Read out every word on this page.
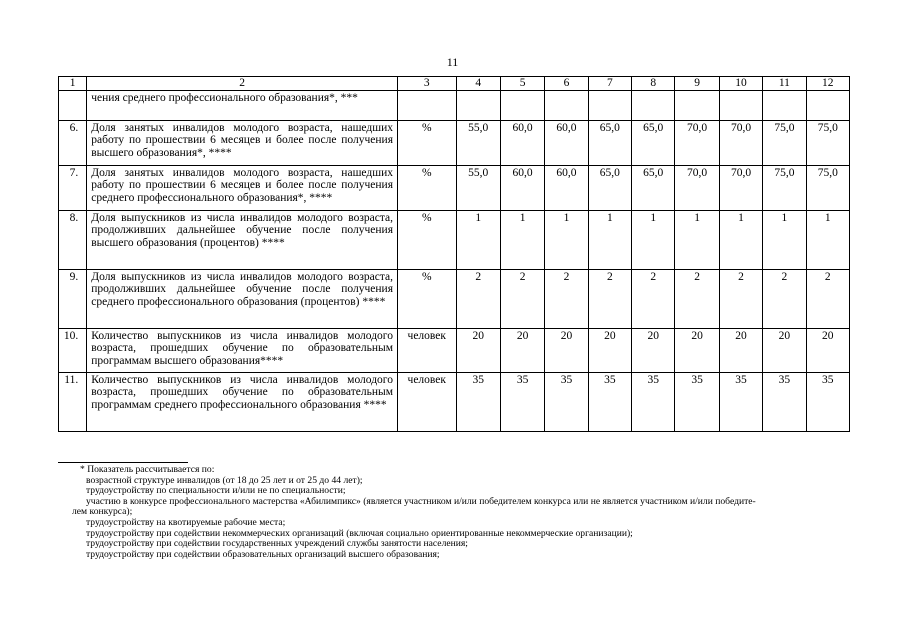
11
1	2	3	4	5	6	7	8	9	10	11	12
	чения среднего профессионального образования*, ***										
6.	Доля занятых инвалидов молодого возраста, нашедших работу по прошествии 6 месяцев и более после получения высшего образования*, ****	%	55,0	60,0	60,0	65,0	65,0	70,0	70,0	75,0	75,0
7.	Доля занятых инвалидов молодого возраста, нашедших работу по прошествии 6 месяцев и более после получения среднего профессионального образования*, ****	%	55,0	60,0	60,0	65,0	65,0	70,0	70,0	75,0	75,0
8.	Доля выпускников из числа инвалидов молодого возраста, продолживших дальнейшее обучение после получения высшего образования (процентов) ****	%	1	1	1	1	1	1	1	1	1
9.	Доля выпускников из числа инвалидов молодого возраста, продолживших дальнейшее обучение после получения среднего профессионального образования (процентов) ****	%	2	2	2	2	2	2	2	2	2
10.	Количество выпускников из числа инвалидов молодого возраста, прошедших обучение по образовательным программам высшего образования****	человек	20	20	20	20	20	20	20	20	20
11.	Количество выпускников из числа инвалидов молодого возраста, прошедших обучение по образовательным программам среднего профессионального образования ****	человек	35	35	35	35	35	35	35	35	35
* Показатель рассчитывается по:
возрастной структуре инвалидов (от 18 до 25 лет и от 25 до 44 лет);
трудоустройству по специальности и/или не по специальности;
участию в конкурсе профессионального мастерства «Абилимпикс» (является участником и/или победителем конкурса или не является участником и/или победите-
лем конкурса);
трудоустройству на квотируемые рабочие места;
трудоустройству при содействии некоммерческих организаций (включая социально ориентированные некоммерческие организации);
трудоустройству при содействии государственных учреждений службы занятости населения;
трудоустройству при содействии образовательных организаций высшего образования;
